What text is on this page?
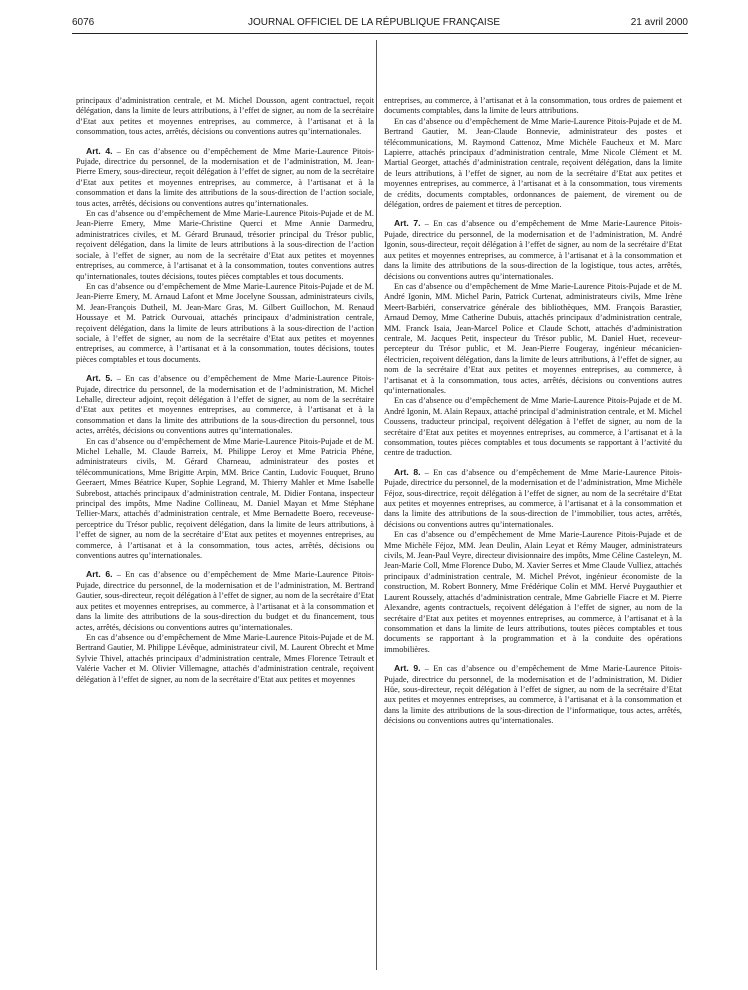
6076	JOURNAL OFFICIEL DE LA RÉPUBLIQUE FRANÇAISE	21 avril 2000

principaux d’administration centrale, et M. Michel Dousson, agent contractuel, reçoit délégation, dans la limite de leurs attributions, à l’effet de signer, au nom de la secrétaire d’Etat aux petites et moyennes entreprises, au commerce, à l’artisanat et à la consommation, tous actes, arrêtés, décisions ou conventions autres qu’internationales.

Art. 4. – En cas d’absence ou d’empêchement de Mme Marie-Laurence Pitois-Pujade, directrice du personnel, de la modernisation et de l’administration, M. Jean-Pierre Emery, sous-directeur, reçoit délégation à l’effet de signer, au nom de la secrétaire d’Etat aux petites et moyennes entreprises, au commerce, à l’artisanat et à la consommation et dans la limite des attributions de la sous-direction de l’action sociale, tous actes, arrêtés, décisions ou conventions autres qu’internationales.

En cas d’absence ou d’empêchement de Mme Marie-Laurence Pitois-Pujade et de M. Jean-Pierre Emery, Mme Marie-Christine Querci et Mme Annie Darmedru, administratrices civiles, et M. Gérard Brunaud, trésorier principal du Trésor public, reçoivent délégation, dans la limite de leurs attributions à la sous-direction de l’action sociale, à l’effet de signer, au nom de la secrétaire d’Etat aux petites et moyennes entreprises, au commerce, à l’artisanat et à la consommation, toutes conventions autres qu’internationales, toutes décisions, toutes pièces comptables et tous documents.

En cas d’absence ou d’empêchement de Mme Marie-Laurence Pitois-Pujade et de M. Jean-Pierre Emery, M. Arnaud Lafont et Mme Jocelyne Soussan, administrateurs civils, M. Jean-François Dutheil, M. Jean-Marc Gras, M. Gilbert Guillochon, M. Renaud Houssaye et M. Patrick Ourvouai, attachés principaux d’administration centrale, reçoivent délégation, dans la limite de leurs attributions à la sous-direction de l’action sociale, à l’effet de signer, au nom de la secrétaire d’Etat aux petites et moyennes entreprises, au commerce, à l’artisanat et à la consommation, toutes décisions, toutes pièces comptables et tous documents.

Art. 5. – En cas d’absence ou d’empêchement de Mme Marie-Laurence Pitois-Pujade, directrice du personnel, de la modernisation et de l’administration, M. Michel Lehalle, directeur adjoint, reçoit délégation à l’effet de signer, au nom de la secrétaire d’Etat aux petites et moyennes entreprises, au commerce, à l’artisanat et à la consommation et dans la limite des attributions de la sous-direction du personnel, tous actes, arrêtés, décisions ou conventions autres qu’internationales.

En cas d’absence ou d’empêchement de Mme Marie-Laurence Pitois-Pujade et de M. Michel Lehalle, M. Claude Barreix, M. Philippe Leroy et Mme Patricia Phéne, administrateurs civils, M. Gérard Charneau, administrateur des postes et télécommunications, Mme Brigitte Arpin, MM. Brice Cantin, Ludovic Fouquet, Bruno Geeraert, Mmes Béatrice Kuper, Sophie Legrand, M. Thierry Mahler et Mme Isabelle Subrebost, attachés principaux d’administration centrale, M. Didier Fontana, inspecteur principal des impôts, Mme Nadine Collineau, M. Daniel Mayan et Mme Stéphane Tellier-Marx, attachés d’administration centrale, et Mme Bernadette Boero, receveuse-perceptrice du Trésor public, reçoivent délégation, dans la limite de leurs attributions, à l’effet de signer, au nom de la secrétaire d’Etat aux petites et moyennes entreprises, au commerce, à l’artisanat et à la consommation, tous actes, arrêtés, décisions ou conventions autres qu’internationales.

Art. 6. – En cas d’absence ou d’empêchement de Mme Marie-Laurence Pitois-Pujade, directrice du personnel, de la modernisation et de l’administration, M. Bertrand Gautier, sous-directeur, reçoit délégation à l’effet de signer, au nom de la secrétaire d’Etat aux petites et moyennes entreprises, au commerce, à l’artisanat et à la consommation et dans la limite des attributions de la sous-direction du budget et du financement, tous actes, arrêtés, décisions ou conventions autres qu’internationales.

En cas d’absence ou d’empêchement de Mme Marie-Laurence Pitois-Pujade et de M. Bertrand Gautier, M. Philippe Lévêque, administrateur civil, M. Laurent Obrecht et Mme Sylvie Thivel, attachés principaux d’administration centrale, Mmes Florence Tetrault et Valérie Vacher et M. Olivier Villemagne, attachés d’administration centrale, reçoivent délégation à l’effet de signer, au nom de la secrétaire d’Etat aux petites et moyennes

entreprises, au commerce, à l’artisanat et à la consommation, tous ordres de paiement et documents comptables, dans la limite de leurs attributions.

En cas d’absence ou d’empêchement de Mme Marie-Laurence Pitois-Pujade et de M. Bertrand Gautier, M. Jean-Claude Bonnevie, administrateur des postes et télécommunications, M. Raymond Cattenoz, Mme Michèle Faucheux et M. Marc Lapierre, attachés principaux d’administration centrale, Mme Nicole Clément et M. Martial Georget, attachés d’administration centrale, reçoivent délégation, dans la limite de leurs attributions, à l’effet de signer, au nom de la secrétaire d’Etat aux petites et moyennes entreprises, au commerce, à l’artisanat et à la consommation, tous virements de crédits, documents comptables, ordonnances de paiement, de virement ou de délégation, ordres de paiement et titres de perception.

Art. 7. – En cas d’absence ou d’empêchement de Mme Marie-Laurence Pitois-Pujade, directrice du personnel, de la modernisation et de l’administration, M. André Igonin, sous-directeur, reçoit délégation à l’effet de signer, au nom de la secrétaire d’Etat aux petites et moyennes entreprises, au commerce, à l’artisanat et à la consommation et dans la limite des attributions de la sous-direction de la logistique, tous actes, arrêtés, décisions ou conventions autres qu’internationales.

En cas d’absence ou d’empêchement de Mme Marie-Laurence Pitois-Pujade et de M. André Igonin, MM. Michel Parin, Patrick Curtenat, administrateurs civils, Mme Irène Meert-Barbiéri, conservatrice générale des bibliothèques, MM. François Barastier, Arnaud Demoy, Mme Catherine Dubuis, attachés principaux d’administration centrale, MM. Franck Isaia, Jean-Marcel Police et Claude Schott, attachés d’administration centrale, M. Jacques Petit, inspecteur du Trésor public, M. Daniel Huet, receveur-percepteur du Trésor public, et M. Jean-Pierre Fougeray, ingénieur mécanicien-électricien, reçoivent délégation, dans la limite de leurs attributions, à l’effet de signer, au nom de la secrétaire d’Etat aux petites et moyennes entreprises, au commerce, à l’artisanat et à la consommation, tous actes, arrêtés, décisions ou conventions autres qu’internationales.

En cas d’absence ou d’empêchement de Mme Marie-Laurence Pitois-Pujade et de M. André Igonin, M. Alain Repaux, attaché principal d’administration centrale, et M. Michel Coussens, traducteur principal, reçoivent délégation à l’effet de signer, au nom de la secrétaire d’Etat aux petites et moyennes entreprises, au commerce, à l’artisanat et à la consommation, toutes pièces comptables et tous documents se rapportant à l’activité du centre de traduction.

Art. 8. – En cas d’absence ou d’empêchement de Mme Marie-Laurence Pitois-Pujade, directrice du personnel, de la modernisation et de l’administration, Mme Michèle Féjoz, sous-directrice, reçoit délégation à l’effet de signer, au nom de la secrétaire d’Etat aux petites et moyennes entreprises, au commerce, à l’artisanat et à la consommation et dans la limite des attributions de la sous-direction de l’immobilier, tous actes, arrêtés, décisions ou conventions autres qu’internationales.

En cas d’absence ou d’empêchement de Mme Marie-Laurence Pitois-Pujade et de Mme Michèle Féjoz, MM. Jean Deulin, Alain Leyat et Rémy Mauger, administrateurs civils, M. Jean-Paul Veyre, directeur divisionnaire des impôts, Mme Céline Casteleyn, M. Jean-Marie Coll, Mme Florence Dubo, M. Xavier Serres et Mme Claude Vulliez, attachés principaux d’administration centrale, M. Michel Prévot, ingénieur économiste de la construction, M. Robert Bonnery, Mme Frédérique Colin et MM. Hervé Puygauthier et Laurent Roussely, attachés d’administration centrale, Mme Gabrielle Fiacre et M. Pierre Alexandre, agents contractuels, reçoivent délégation à l’effet de signer, au nom de la secrétaire d’Etat aux petites et moyennes entreprises, au commerce, à l’artisanat et à la consommation et dans la limite de leurs attributions, toutes pièces comptables et tous documents se rapportant à la programmation et à la conduite des opérations immobilières.

Art. 9. – En cas d’absence ou d’empêchement de Mme Marie-Laurence Pitois-Pujade, directrice du personnel, de la modernisation et de l’administration, M. Didier Hüe, sous-directeur, reçoit délégation à l’effet de signer, au nom de la secrétaire d’Etat aux petites et moyennes entreprises, au commerce, à l’artisanat et à la consommation et dans la limite des attributions de la sous-direction de l’informatique, tous actes, arrêtés, décisions ou conventions autres qu’internationales.
